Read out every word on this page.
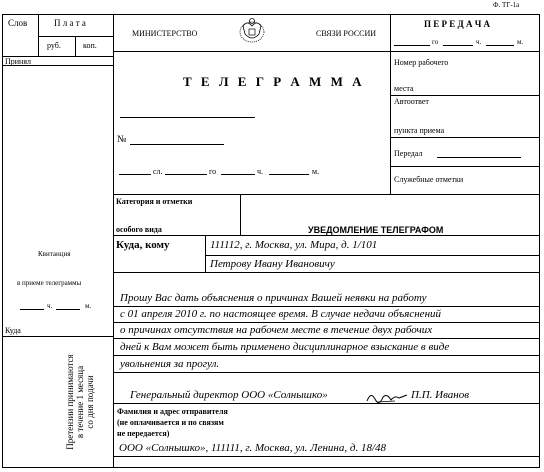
Ф. ТГ-1а
Слов	П л а т а
руб.	коп.
Принял
Квитанция
в приеме телеграммы
ч.	м.
Куда
Претензии принимаются в течение 1 месяца со дня подачи
МИНИСТЕРСТВО	СВЯЗИ РОССИИ
Т Е Л Е Г Р А М М А
№
сл.	го	ч.	м.
П Е Р Е Д А Ч А
го	ч.	м.
Номер рабочего
места
Автоответ
пункта приема
Передал
Служебные отметки
Категория и отметки
особого вида	УВЕДОМЛЕНИЕ ТЕЛЕГРАФОМ
Куда, кому	111112, г. Москва, ул. Мира, д. 1/101
Петрову Ивану Ивановичу
Прошу Вас дать объяснения о причинах Вашей неявки на работу
с 01 апреля 2010 г. по настоящее время. В случае недачи объяснений
о причинах отсутствия на рабочем месте в течение двух рабочих
дней к Вам может быть применено дисциплинарное взыскание в виде
увольнения за прогул.
Генеральный директор ООО «Солнышко»	П.П. Иванов
Фамилия и адрес отправителя
(не оплачивается и по связям
не передается)
ООО «Солнышко», 111111, г. Москва, ул. Ленина, д. 18/48
